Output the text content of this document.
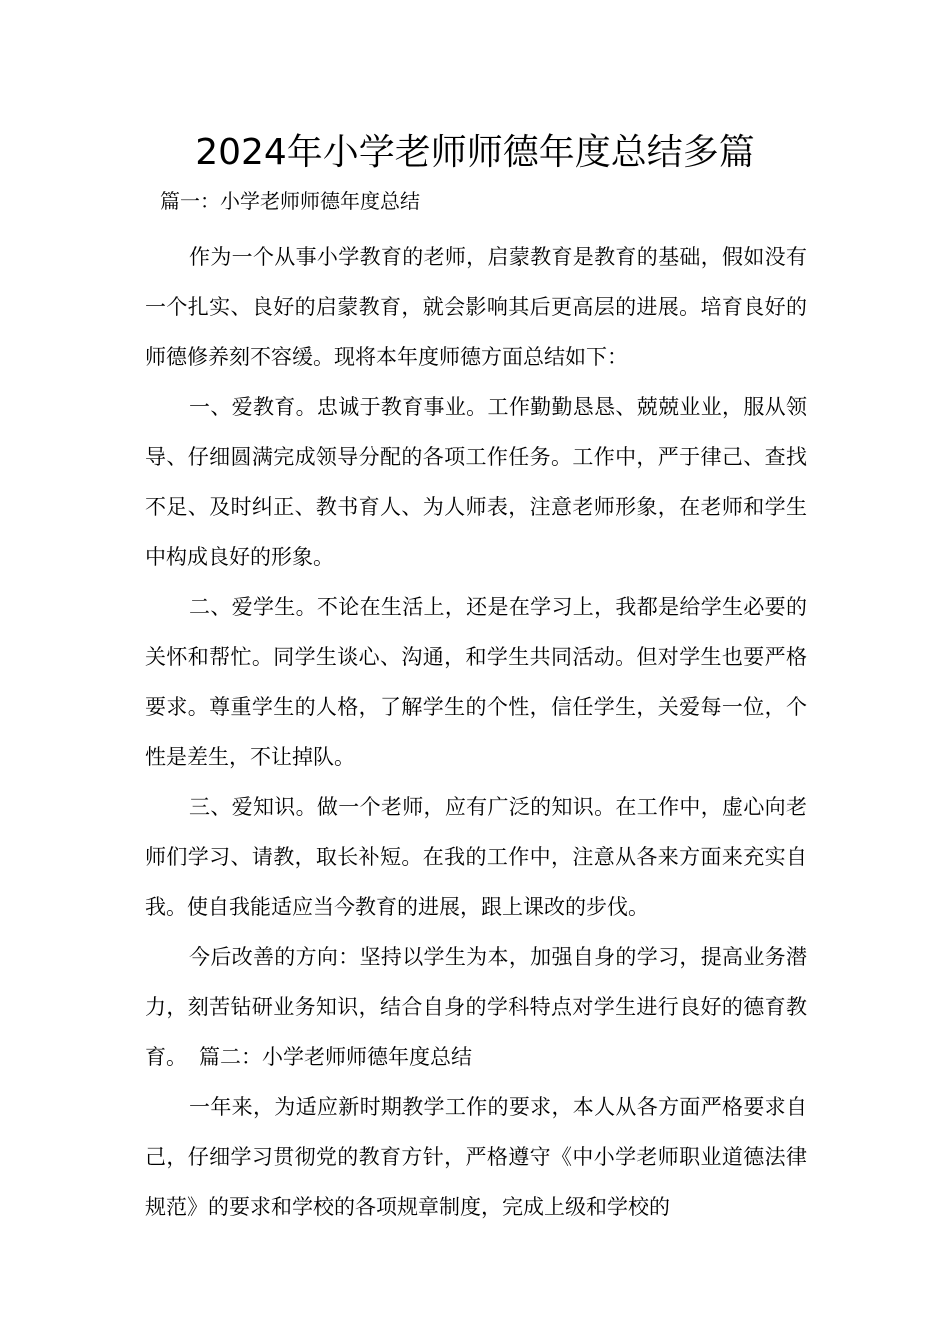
2024年小学老师师德年度总结多篇
篇一：小学老师师德年度总结

作为一个从事小学教育的老师，启蒙教育是教育的基础，假如没有一个扎实、良好的启蒙教育，就会影响其后更高层的进展。培育良好的师德修养刻不容缓。现将本年度师德方面总结如下：

一、爱教育。忠诚于教育事业。工作勤勤恳恳、兢兢业业，服从领导、仔细圆满完成领导分配的各项工作任务。工作中，严于律己、查找不足、及时纠正、教书育人、为人师表，注意老师形象，在老师和学生中构成良好的形象。

二、爱学生。不论在生活上，还是在学习上，我都是给学生必要的关怀和帮忙。同学生谈心、沟通，和学生共同活动。但对学生也要严格要求。尊重学生的人格，了解学生的个性，信任学生，关爱每一位，个性是差生，不让掉队。

三、爱知识。做一个老师，应有广泛的知识。在工作中，虚心向老师们学习、请教，取长补短。在我的工作中，注意从各来方面来充实自我。使自我能适应当今教育的进展，跟上课改的步伐。

今后改善的方向：坚持以学生为本，加强自身的学习，提高业务潜力，刻苦钻研业务知识，结合自身的学科特点对学生进行良好的德育教育。 篇二：小学老师师德年度总结

一年来，为适应新时期教学工作的要求，本人从各方面严格要求自己，仔细学习贯彻党的教育方针，严格遵守《中小学老师职业道德法律规范》的要求和学校的各项规章制度，完成上级和学校的
